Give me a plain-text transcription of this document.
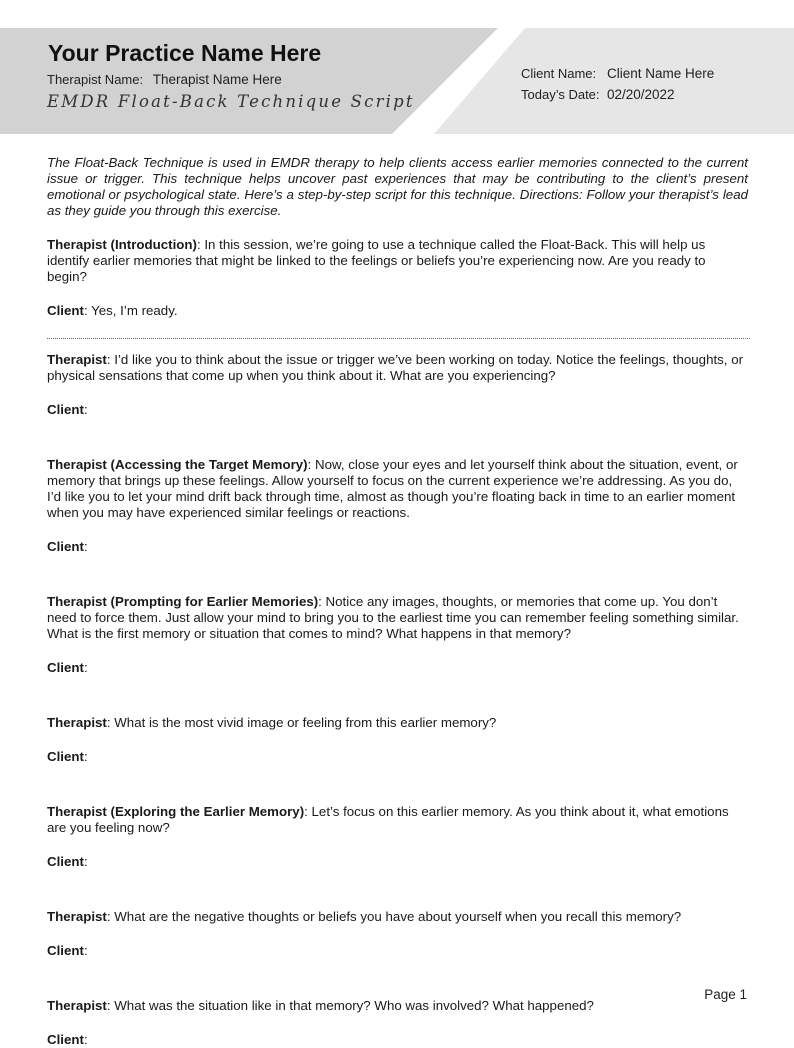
Your Practice Name Here
Therapist Name: Therapist Name Here
EMDR Float-Back Technique Script
Client Name: Client Name Here
Today’s Date: 02/20/2022

The Float-Back Technique is used in EMDR therapy to help clients access earlier memories connected to the current issue or trigger. This technique helps uncover past experiences that may be contributing to the client’s present emotional or psychological state. Here’s a step-by-step script for this technique. Directions: Follow your therapist’s lead as they guide you through this exercise.

Therapist (Introduction): In this session, we’re going to use a technique called the Float-Back. This will help us identify earlier memories that might be linked to the feelings or beliefs you’re experiencing now. Are you ready to begin?

Client: Yes, I’m ready.

Therapist: I’d like you to think about the issue or trigger we’ve been working on today. Notice the feelings, thoughts, or physical sensations that come up when you think about it. What are you experiencing?

Client:

Therapist (Accessing the Target Memory): Now, close your eyes and let yourself think about the situation, event, or memory that brings up these feelings. Allow yourself to focus on the current experience we’re addressing. As you do, I’d like you to let your mind drift back through time, almost as though you’re floating back in time to an earlier moment when you may have experienced similar feelings or reactions.

Client:

Therapist (Prompting for Earlier Memories): Notice any images, thoughts, or memories that come up. You don’t need to force them. Just allow your mind to bring you to the earliest time you can remember feeling something similar. What is the first memory or situation that comes to mind? What happens in that memory?

Client:

Therapist: What is the most vivid image or feeling from this earlier memory?

Client:

Therapist (Exploring the Earlier Memory): Let’s focus on this earlier memory. As you think about it, what emotions are you feeling now?

Client:

Therapist: What are the negative thoughts or beliefs you have about yourself when you recall this memory?

Client:

Therapist: What was the situation like in that memory? Who was involved? What happened?

Client:

Page 1
